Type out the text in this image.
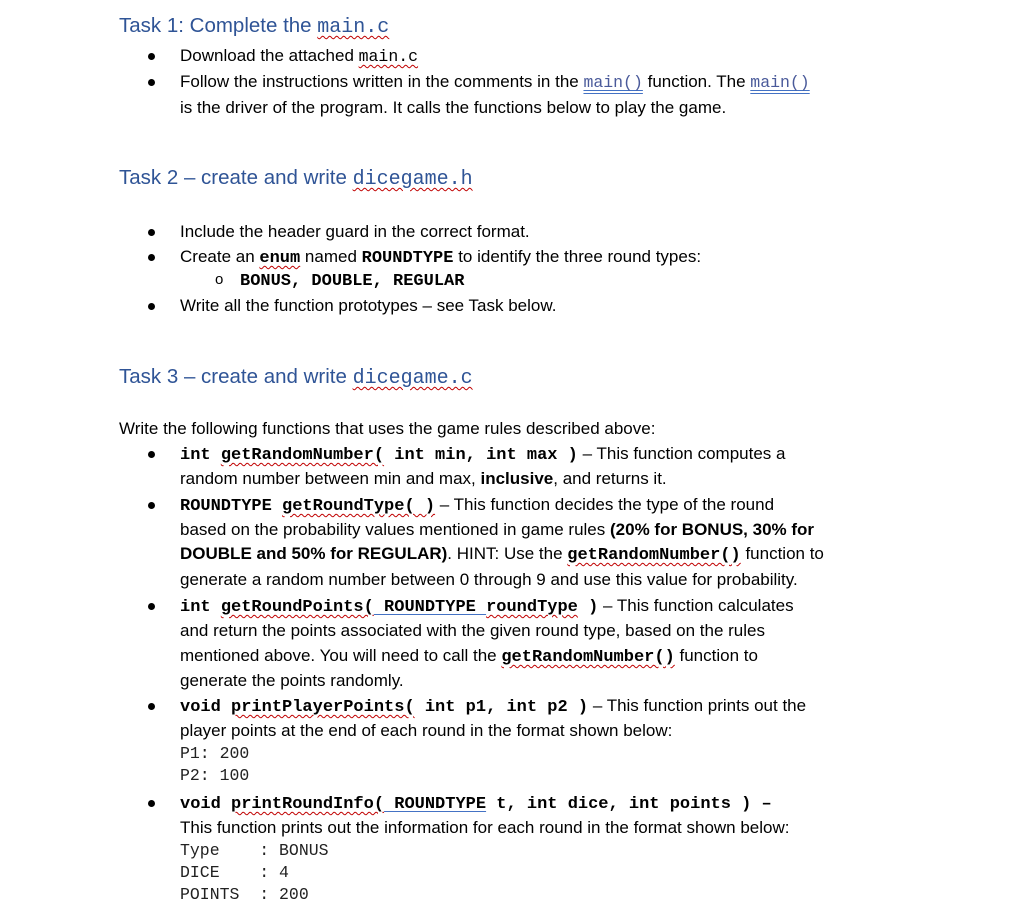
Task 1: Complete the main.c
Download the attached main.c
Follow the instructions written in the comments in the main() function. The main()
is the driver of the program. It calls the functions below to play the game.
Task 2 – create and write dicegame.h
Include the header guard in the correct format.
Create an enum named ROUNDTYPE to identify the three round types:
o BONUS, DOUBLE, REGULAR
Write all the function prototypes – see Task below.
Task 3 – create and write dicegame.c
Write the following functions that uses the game rules described above:
int getRandomNumber( int min, int max ) – This function computes a
random number between min and max, inclusive, and returns it.
ROUNDTYPE getRoundType( ) – This function decides the type of the round
based on the probability values mentioned in game rules (20% for BONUS, 30% for
DOUBLE and 50% for REGULAR). HINT: Use the getRandomNumber() function to
generate a random number between 0 through 9 and use this value for probability.
int getRoundPoints( ROUNDTYPE roundType ) – This function calculates
and return the points associated with the given round type, based on the rules
mentioned above. You will need to call the getRandomNumber() function to
generate the points randomly.
void printPlayerPoints( int p1, int p2 ) – This function prints out the
player points at the end of each round in the format shown below:
P1: 200
P2: 100
void printRoundInfo( ROUNDTYPE t, int dice, int points ) –
This function prints out the information for each round in the format shown below:
Type    : BONUS
DICE    : 4
POINTS  : 200
